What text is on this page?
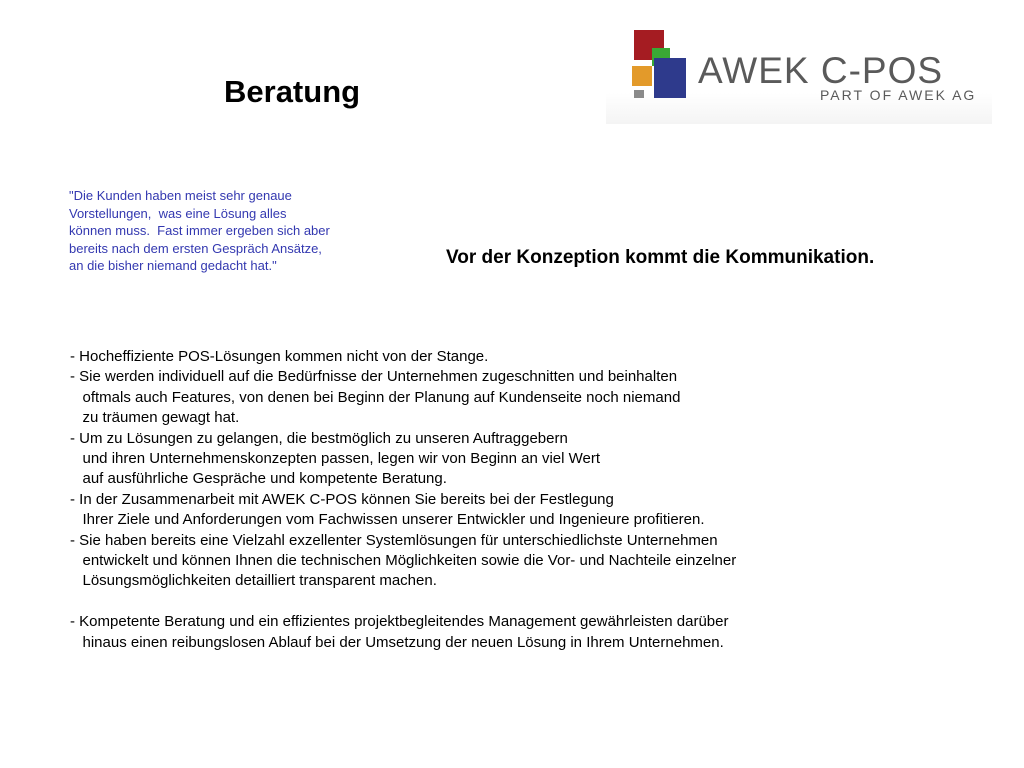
Beratung
AWEK C-POS
PART OF AWEK AG
"Die Kunden haben meist sehr genaue
Vorstellungen,  was eine Lösung alles
können muss.  Fast immer ergeben sich aber
bereits nach dem ersten Gespräch Ansätze,
an die bisher niemand gedacht hat."	Vor der Konzeption kommt die Kommunikation.
- Hocheffiziente POS-Lösungen kommen nicht von der Stange.
- Sie werden individuell auf die Bedürfnisse der Unternehmen zugeschnitten und beinhalten
oftmals auch Features, von denen bei Beginn der Planung auf Kundenseite noch niemand
zu träumen gewagt hat.
- Um zu Lösungen zu gelangen, die bestmöglich zu unseren Auftraggebern
und ihren Unternehmenskonzepten passen, legen wir von Beginn an viel Wert
auf ausführliche Gespräche und kompetente Beratung.
- In der Zusammenarbeit mit AWEK C-POS können Sie bereits bei der Festlegung
Ihrer Ziele und Anforderungen vom Fachwissen unserer Entwickler und Ingenieure profitieren.
- Sie haben bereits eine Vielzahl exzellenter Systemlösungen für unterschiedlichste Unternehmen
entwickelt und können Ihnen die technischen Möglichkeiten sowie die Vor- und Nachteile einzelner
Lösungsmöglichkeiten detailliert transparent machen.
- Kompetente Beratung und ein effizientes projektbegleitendes Management gewährleisten darüber
hinaus einen reibungslosen Ablauf bei der Umsetzung der neuen Lösung in Ihrem Unternehmen.
